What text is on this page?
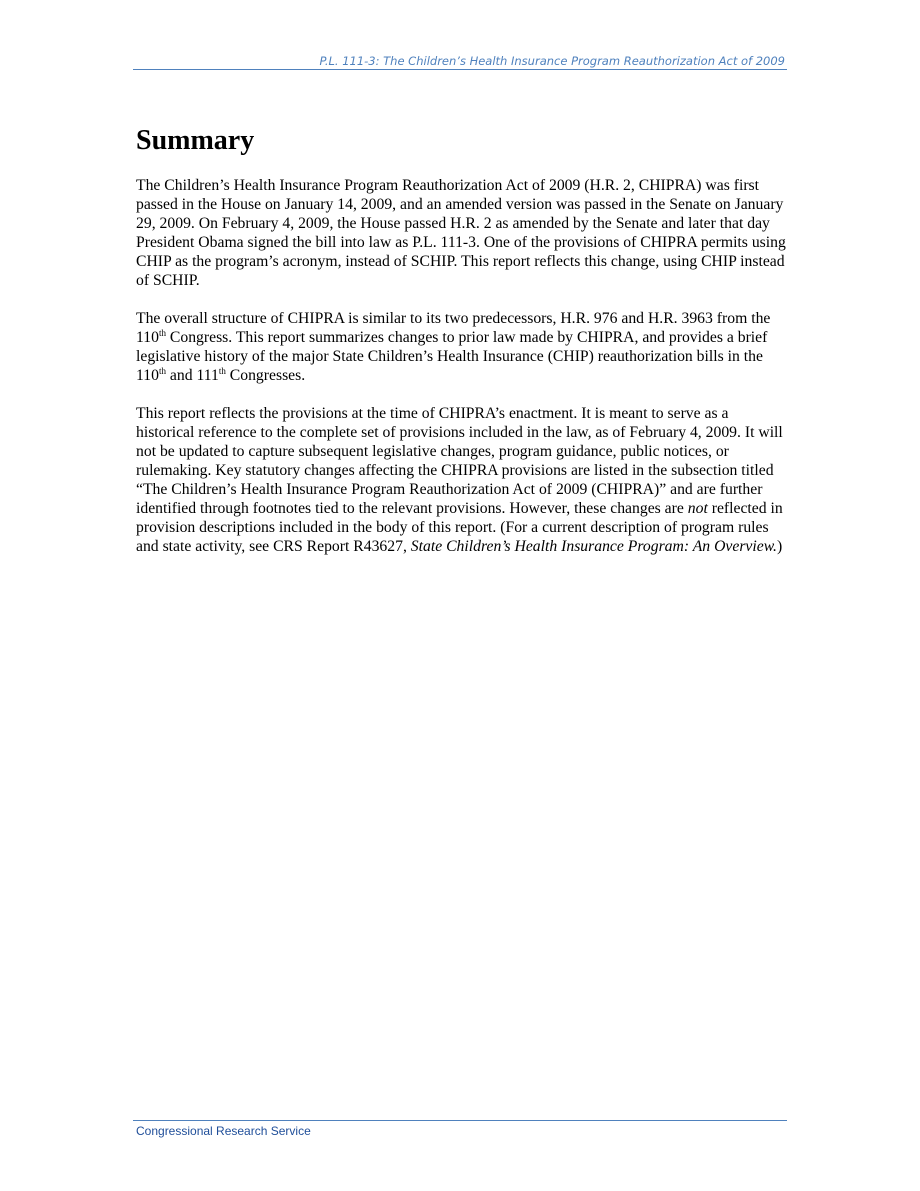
P.L. 111-3: The Children’s Health Insurance Program Reauthorization Act of 2009
Summary

The Children’s Health Insurance Program Reauthorization Act of 2009 (H.R. 2, CHIPRA) was first passed in the House on January 14, 2009, and an amended version was passed in the Senate on January 29, 2009. On February 4, 2009, the House passed H.R. 2 as amended by the Senate and later that day President Obama signed the bill into law as P.L. 111-3. One of the provisions of CHIPRA permits using CHIP as the program’s acronym, instead of SCHIP. This report reflects this change, using CHIP instead of SCHIP.

The overall structure of CHIPRA is similar to its two predecessors, H.R. 976 and H.R. 3963 from the 110th Congress. This report summarizes changes to prior law made by CHIPRA, and provides a brief legislative history of the major State Children’s Health Insurance (CHIP) reauthorization bills in the 110th and 111th Congresses.

This report reflects the provisions at the time of CHIPRA’s enactment. It is meant to serve as a historical reference to the complete set of provisions included in the law, as of February 4, 2009. It will not be updated to capture subsequent legislative changes, program guidance, public notices, or rulemaking. Key statutory changes affecting the CHIPRA provisions are listed in the subsection titled “The Children’s Health Insurance Program Reauthorization Act of 2009 (CHIPRA)” and are further identified through footnotes tied to the relevant provisions. However, these changes are not reflected in provision descriptions included in the body of this report. (For a current description of program rules and state activity, see CRS Report R43627, State Children’s Health Insurance Program: An Overview.)

Congressional Research Service
